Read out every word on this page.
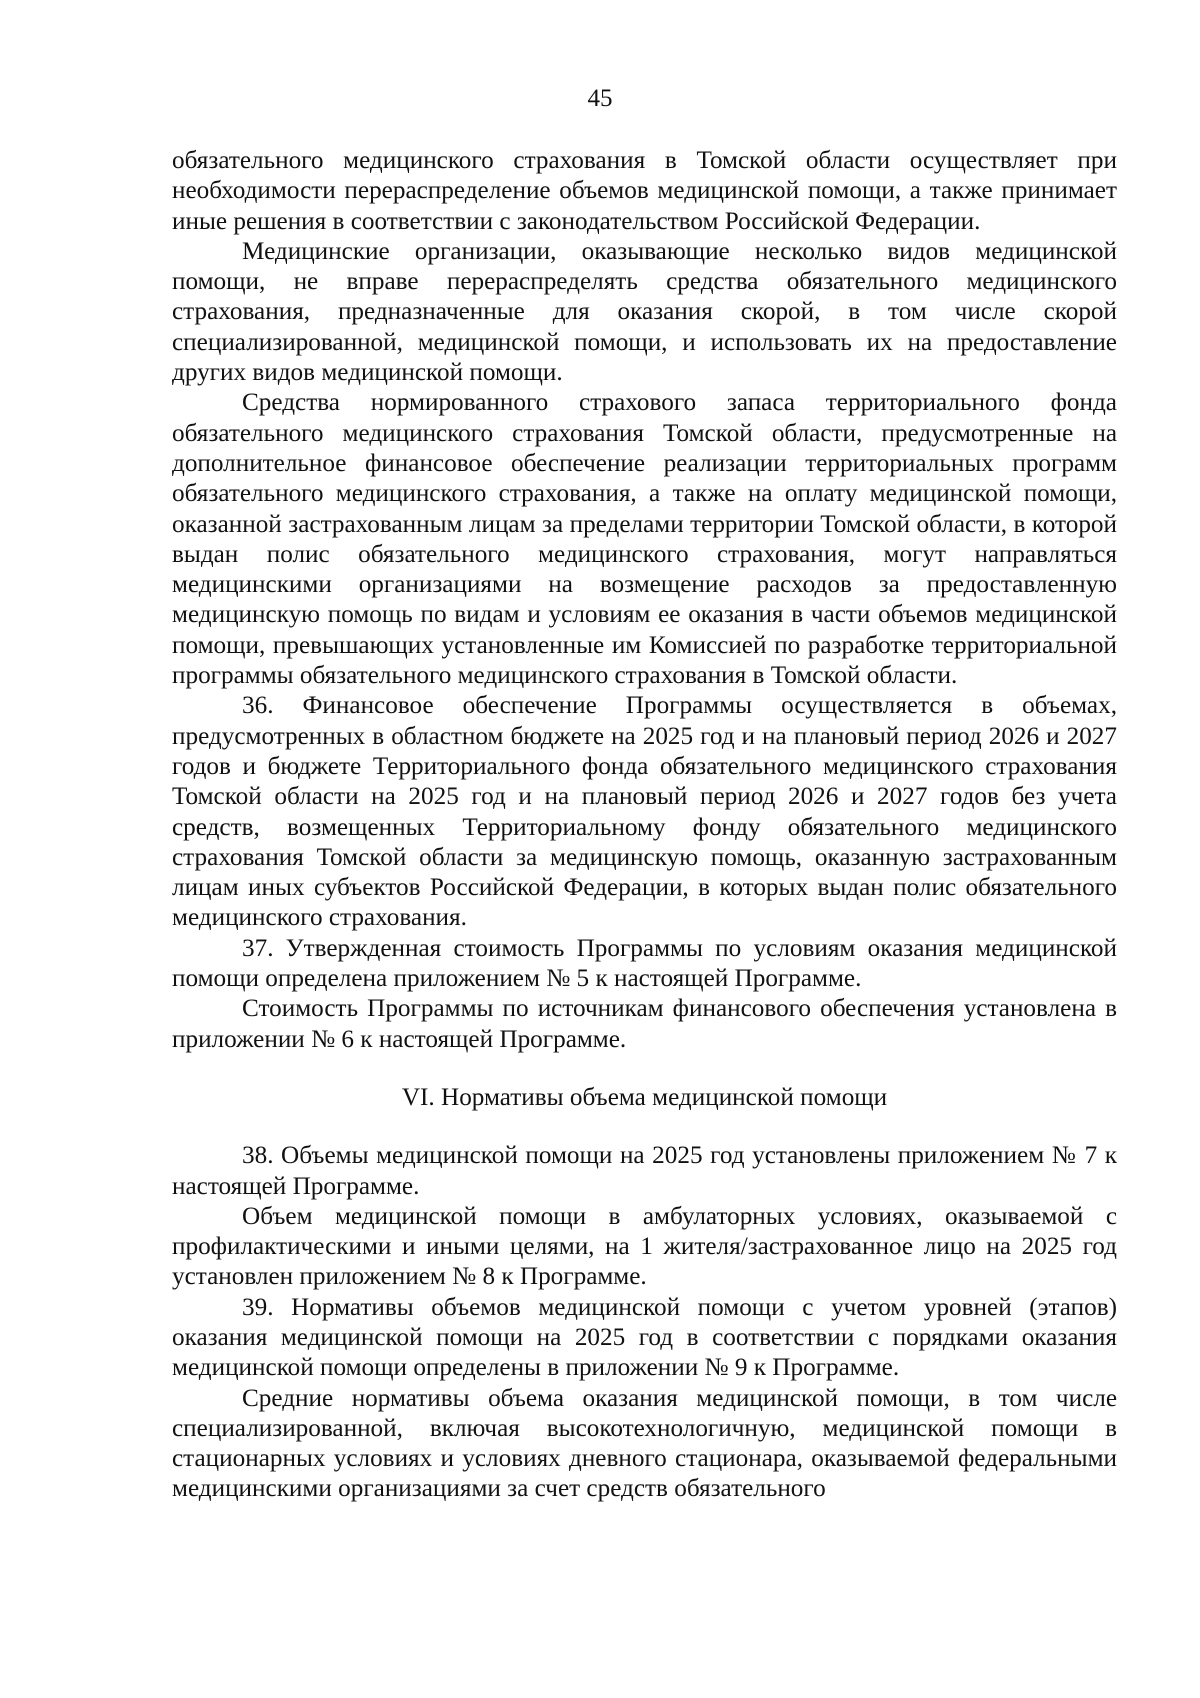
45

обязательного медицинского страхования в Томской области осуществляет при необходимости перераспределение объемов медицинской помощи, а также принимает иные решения в соответствии с законодательством Российской Федерации.

Медицинские организации, оказывающие несколько видов медицинской помощи, не вправе перераспределять средства обязательного медицинского страхования, предназначенные для оказания скорой, в том числе скорой специализированной, медицинской помощи, и использовать их на предоставление других видов медицинской помощи.

Средства нормированного страхового запаса территориального фонда обязательного медицинского страхования Томской области, предусмотренные на дополнительное финансовое обеспечение реализации территориальных программ обязательного медицинского страхования, а также на оплату медицинской помощи, оказанной застрахованным лицам за пределами территории Томской области, в которой выдан полис обязательного медицинского страхования, могут направляться медицинскими организациями на возмещение расходов за предоставленную медицинскую помощь по видам и условиям ее оказания в части объемов медицинской помощи, превышающих установленные им Комиссией по разработке территориальной программы обязательного медицинского страхования в Томской области.

36. Финансовое обеспечение Программы осуществляется в объемах, предусмотренных в областном бюджете на 2025 год и на плановый период 2026 и 2027 годов и бюджете Территориального фонда обязательного медицинского страхования Томской области на 2025 год и на плановый период 2026 и 2027 годов без учета средств, возмещенных Территориальному фонду обязательного медицинского страхования Томской области за медицинскую помощь, оказанную застрахованным лицам иных субъектов Российской Федерации, в которых выдан полис обязательного медицинского страхования.

37. Утвержденная стоимость Программы по условиям оказания медицинской помощи определена приложением № 5 к настоящей Программе.

Стоимость Программы по источникам финансового обеспечения установлена в приложении № 6 к настоящей Программе.

VI. Нормативы объема медицинской помощи

38. Объемы медицинской помощи на 2025 год установлены приложением № 7 к настоящей Программе.

Объем медицинской помощи в амбулаторных условиях, оказываемой с профилактическими и иными целями, на 1 жителя/застрахованное лицо на 2025 год установлен приложением № 8 к Программе.

39. Нормативы объемов медицинской помощи с учетом уровней (этапов) оказания медицинской помощи на 2025 год в соответствии с порядками оказания медицинской помощи определены в приложении № 9 к Программе.

Средние нормативы объема оказания медицинской помощи, в том числе специализированной, включая высокотехнологичную, медицинской помощи в стационарных условиях и условиях дневного стационара, оказываемой федеральными медицинскими организациями за счет средств обязательного
